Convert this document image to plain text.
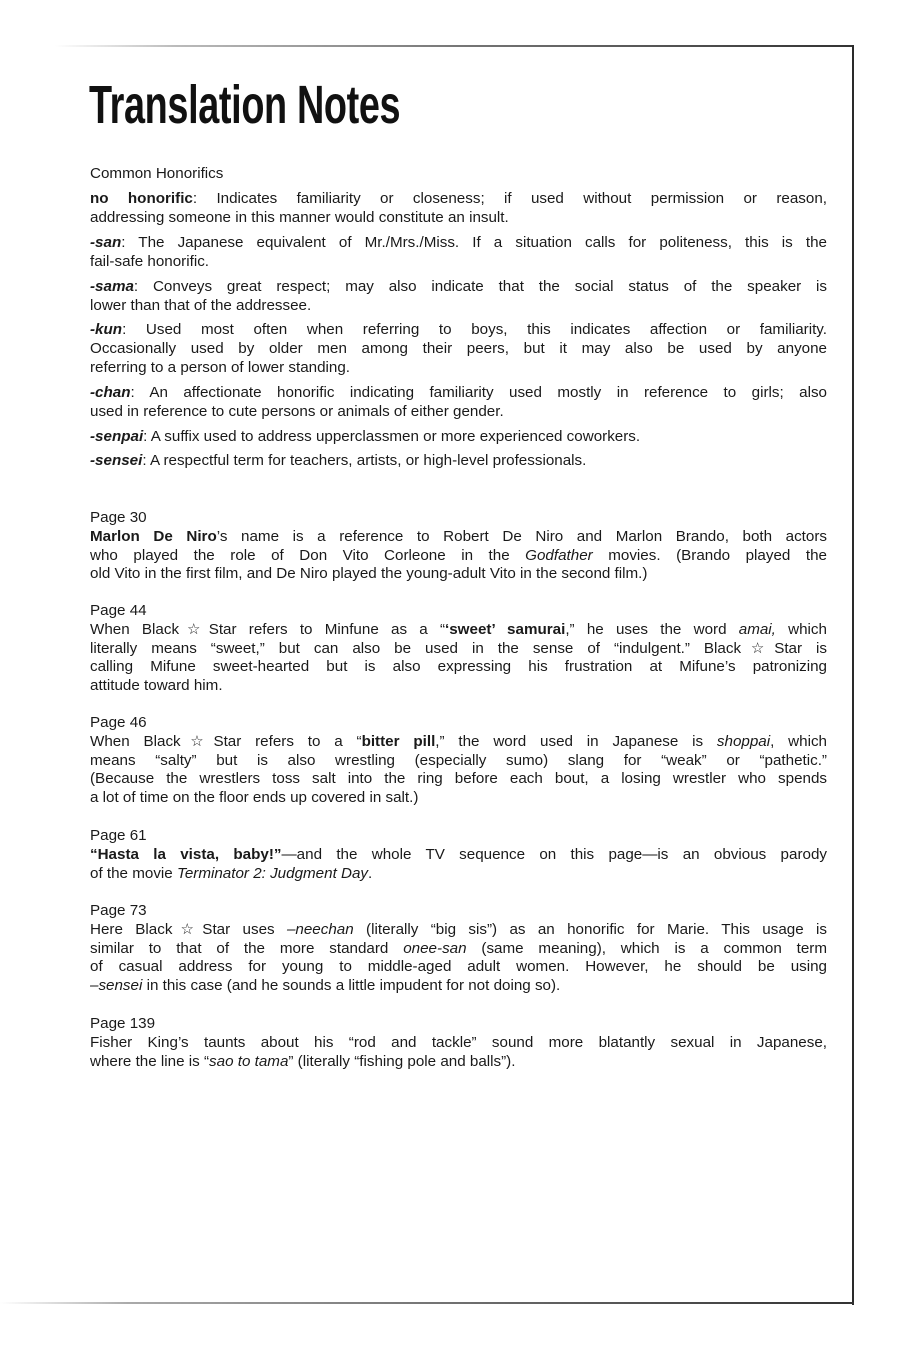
Translation Notes
Common Honorifics
no honorific: Indicates familiarity or closeness; if used without permission or reason,
addressing someone in this manner would constitute an insult.
-san: The Japanese equivalent of Mr./Mrs./Miss. If a situation calls for politeness, this is the
fail-safe honorific.
-sama: Conveys great respect; may also indicate that the social status of the speaker is
lower than that of the addressee.
-kun: Used most often when referring to boys, this indicates affection or familiarity.
Occasionally used by older men among their peers, but it may also be used by anyone
referring to a person of lower standing.
-chan: An affectionate honorific indicating familiarity used mostly in reference to girls; also
used in reference to cute persons or animals of either gender.
-senpai: A suffix used to address upperclassmen or more experienced coworkers.
-sensei: A respectful term for teachers, artists, or high-level professionals.
Page 30
Marlon De Niro’s name is a reference to Robert De Niro and Marlon Brando, both actors
who played the role of Don Vito Corleone in the Godfather movies. (Brando played the
old Vito in the first film, and De Niro played the young-adult Vito in the second film.)
Page 44
When Black☆Star refers to Minfune as a “‘sweet’ samurai,” he uses the word amai, which
literally means “sweet,” but can also be used in the sense of “indulgent.” Black☆Star is
calling Mifune sweet-hearted but is also expressing his frustration at Mifune’s patronizing
attitude toward him.
Page 46
When Black☆Star refers to a “bitter pill,” the word used in Japanese is shoppai, which
means “salty” but is also wrestling (especially sumo) slang for “weak” or “pathetic.”
(Because the wrestlers toss salt into the ring before each bout, a losing wrestler who spends
a lot of time on the floor ends up covered in salt.)
Page 61
“Hasta la vista, baby!”—and the whole TV sequence on this page—is an obvious parody
of the movie Terminator 2: Judgment Day.
Page 73
Here Black☆Star uses –neechan (literally “big sis”) as an honorific for Marie. This usage is
similar to that of the more standard onee-san (same meaning), which is a common term
of casual address for young to middle-aged adult women. However, he should be using
–sensei in this case (and he sounds a little impudent for not doing so).
Page 139
Fisher King’s taunts about his “rod and tackle” sound more blatantly sexual in Japanese,
where the line is “sao to tama” (literally “fishing pole and balls”).
